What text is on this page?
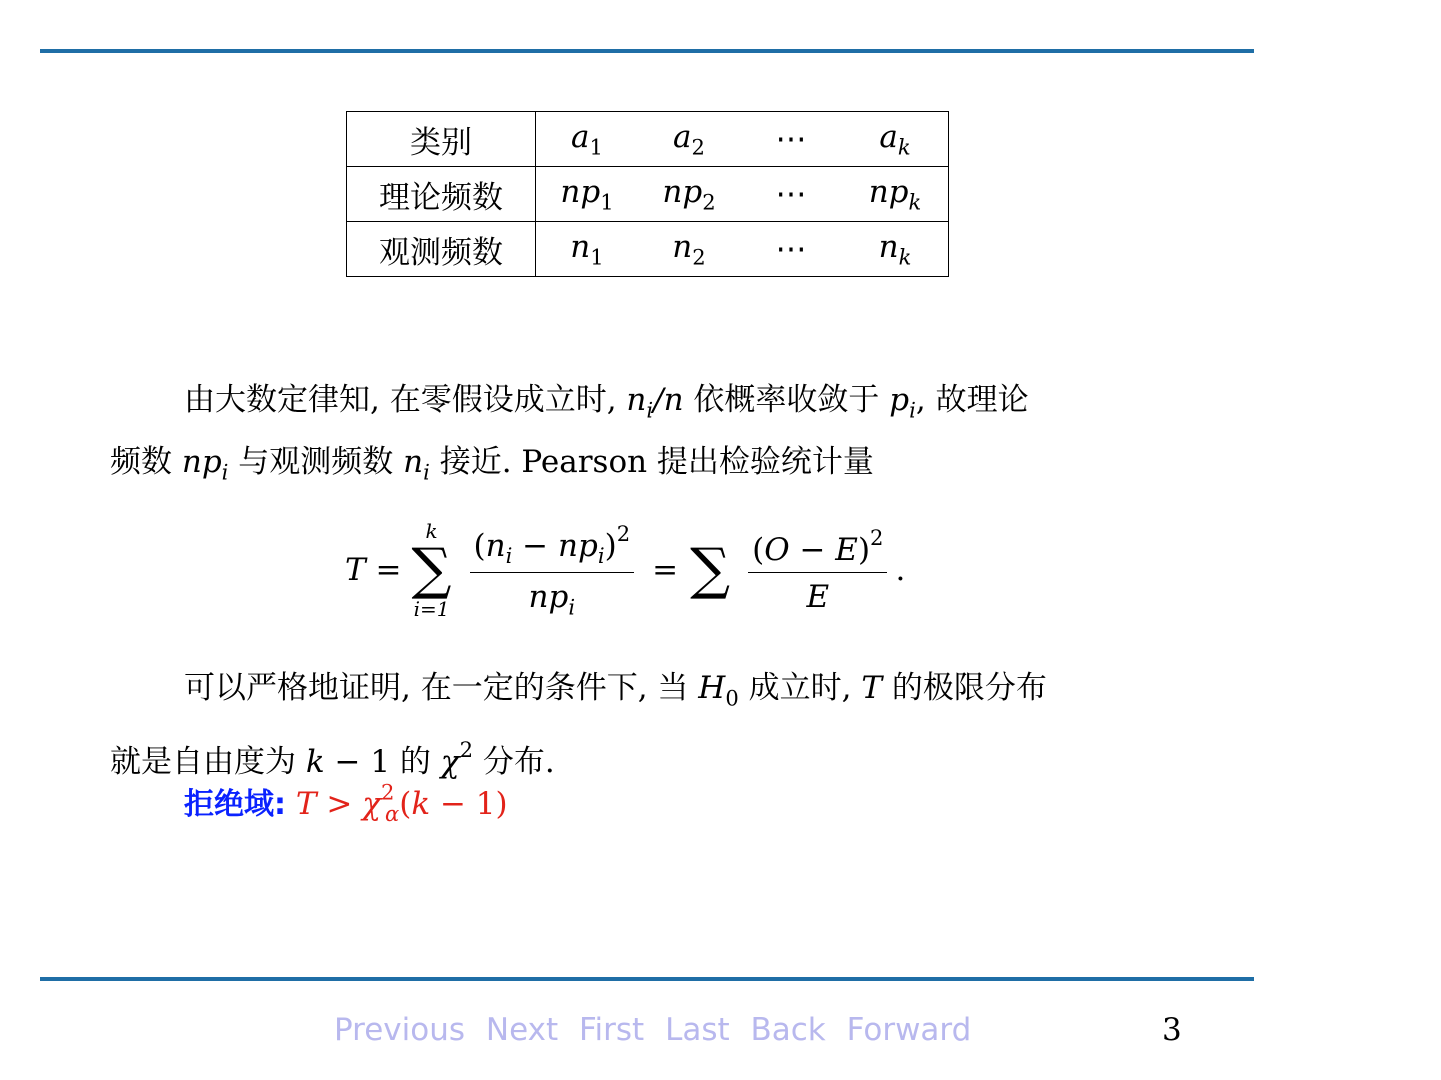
类别	$a_1$	$a_2$	⋯	$a_k$
理论频数	$np_1$	$np_2$	⋯	$np_k$
观测频数	$n_1$	$n_2$	⋯	$n_k$
由大数定律知, 在零假设成立时, $n_i/n$ 依概率收敛于 $p_i$, 故理论
频数 $np_i$ 与观测频数 $n_i$ 接近. Pearson 提出检验统计量
T =
k
∑
$i=1 \frac{(n_i - np_i)^2}{np_i}$ = ∑ $\frac{(O - E)^2}{E}$ .
可以严格地证明, 在一定的条件下, 当 $H_0$ 成立时, T 的极限分布
就是自由度为 k − 1 的 $\chi^2$ 分布.
拒绝域: $T > \chi^2_\alpha(k - 1)$
Previous Next First Last Back Forward	3
